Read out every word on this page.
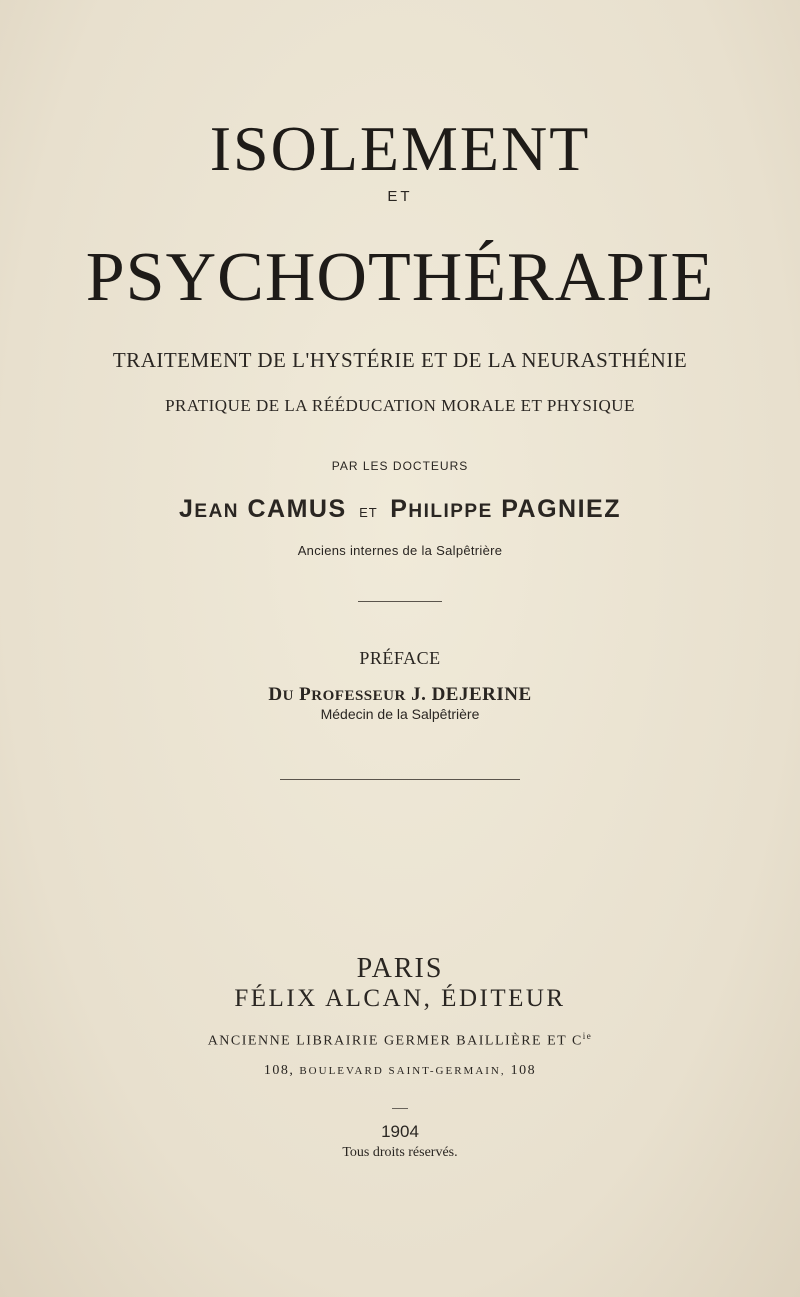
ISOLEMENT
ET
PSYCHOTHÉRAPIE
TRAITEMENT DE L'HYSTÉRIE ET DE LA NEURASTHÉNIE
PRATIQUE DE LA RÉÉDUCATION MORALE ET PHYSIQUE
PAR LES DOCTEURS
JEAN CAMUS ET PHILIPPE PAGNIEZ
Anciens internes de la Salpêtrière
PRÉFACE
DU PROFESSEUR J. DEJERINE
Médecin de la Salpêtrière
PARIS
FÉLIX ALCAN, ÉDITEUR
ANCIENNE LIBRAIRIE GERMER BAILLIÈRE ET $C^{ie}$
108, BOULEVARD SAINT-GERMAIN, 108
1904
Tous droits réservés.
